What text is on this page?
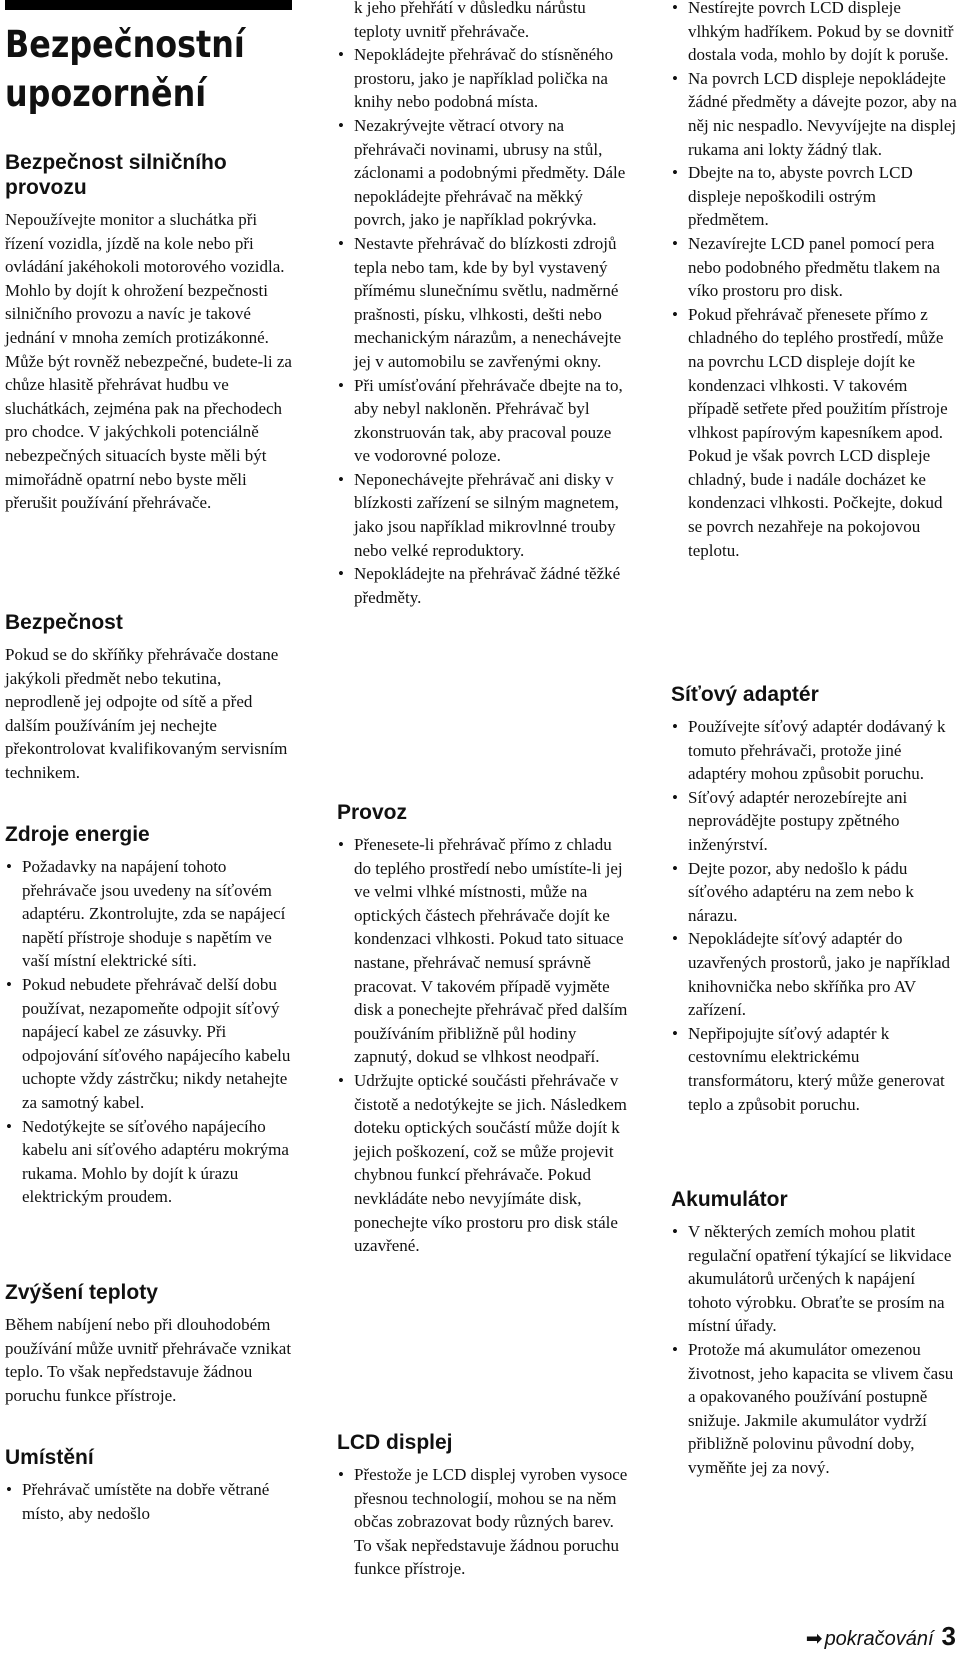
Bezpečnostní
upozornění
Bezpečnost silničního provozu

Nepoužívejte monitor a sluchátka při řízení vozidla, jízdě na kole nebo při ovládání jakéhokoli motorového vozidla. Mohlo by dojít k ohrožení bezpečnosti silničního provozu a navíc je takové jednání v mnoha zemích protizákonné. Může být rovněž nebezpečné, budete-li za chůze hlasitě přehrávat hudbu ve sluchátkách, zejména pak na přechodech pro chodce. V jakýchkoli potenciálně nebezpečných situacích byste měli být mimořádně opatrní nebo byste měli přerušit používání přehrávače.

Bezpečnost

Pokud se do skříňky přehrávače dostane jakýkoli předmět nebo tekutina, neprodleně jej odpojte od sítě a před dalším používáním jej nechejte překontrolovat kvalifikovaným servisním technikem.

Zdroje energie
• Požadavky na napájení tohoto přehrávače jsou uvedeny na síťovém adaptéru. Zkontrolujte, zda se napájecí napětí přístroje shoduje s napětím ve vaší místní elektrické síti.
• Pokud nebudete přehrávač delší dobu používat, nezapomeňte odpojit síťový napájecí kabel ze zásuvky. Při odpojování síťového napájecího kabelu uchopte vždy zástrčku; nikdy netahejte za samotný kabel.
• Nedotýkejte se síťového napájecího kabelu ani síťového adaptéru mokrýma rukama. Mohlo by dojít k úrazu elektrickým proudem.
Zvýšení teploty

Během nabíjení nebo při dlouhodobém používání může uvnitř přehrávače vznikat teplo. To však nepředstavuje žádnou poruchu funkce přístroje.

Umístění
• Přehrávač umístěte na dobře větrané místo, aby nedošlo

k jeho přehřátí v důsledku nárůstu teploty uvnitř přehrávače.

• Nepokládejte přehrávač do stísněného prostoru, jako je například polička na knihy nebo podobná místa.
• Nezakrývejte větrací otvory na přehrávači novinami, ubrusy na stůl, záclonami a podobnými předměty. Dále nepokládejte přehrávač na měkký povrch, jako je například pokrývka.
• Nestavte přehrávač do blízkosti zdrojů tepla nebo tam, kde by byl vystavený přímému slunečnímu světlu, nadměrné prašnosti, písku, vlhkosti, dešti nebo mechanickým nárazům, a nenechávejte jej v automobilu se zavřenými okny.
• Při umísťování přehrávače dbejte na to, aby nebyl nakloněn. Přehrávač byl zkonstruován tak, aby pracoval pouze ve vodorovné poloze.
• Neponechávejte přehrávač ani disky v blízkosti zařízení se silným magnetem, jako jsou například mikrovlnné trouby nebo velké reproduktory.
• Nepokládejte na přehrávač žádné těžké předměty.
Provoz
• Přenesete-li přehrávač přímo z chladu do teplého prostředí nebo umístíte-li jej ve velmi vlhké místnosti, může na optických částech přehrávače dojít ke kondenzaci vlhkosti. Pokud tato situace nastane, přehrávač nemusí správně pracovat. V takovém případě vyjměte disk a ponechejte přehrávač před dalším používáním přibližně půl hodiny zapnutý, dokud se vlhkost neodpaří.
• Udržujte optické součásti přehrávače v čistotě a nedotýkejte se jich. Následkem doteku optických součástí může dojít k jejich poškození, což se může projevit chybnou funkcí přehrávače. Pokud nevkládáte nebo nevyjímáte disk, ponechejte víko prostoru pro disk stále uzavřené.
LCD displej
• Přestože je LCD displej vyroben vysoce přesnou technologií, mohou se na něm občas zobrazovat body různých barev. To však nepředstavuje žádnou poruchu funkce přístroje.
• Nestírejte povrch LCD displeje vlhkým hadříkem. Pokud by se dovnitř dostala voda, mohlo by dojít k poruše.
• Na povrch LCD displeje nepokládejte žádné předměty a dávejte pozor, aby na něj nic nespadlo. Nevyvíjejte na displej rukama ani lokty žádný tlak.
• Dbejte na to, abyste povrch LCD displeje nepoškodili ostrým předmětem.
• Nezavírejte LCD panel pomocí pera nebo podobného předmětu tlakem na víko prostoru pro disk.
• Pokud přehrávač přenesete přímo z chladného do teplého prostředí, může na povrchu LCD displeje dojít ke kondenzaci vlhkosti. V takovém případě setřete před použitím přístroje vlhkost papírovým kapesníkem apod. Pokud je však povrch LCD displeje chladný, bude i nadále docházet ke kondenzaci vlhkosti. Počkejte, dokud se povrch nezahřeje na pokojovou teplotu.
Síťový adaptér
• Používejte síťový adaptér dodávaný k tomuto přehrávači, protože jiné adaptéry mohou způsobit poruchu.
• Síťový adaptér nerozebírejte ani neprovádějte postupy zpětného inženýrství.
• Dejte pozor, aby nedošlo k pádu síťového adaptéru na zem nebo k nárazu.
• Nepokládejte síťový adaptér do uzavřených prostorů, jako je například knihovnička nebo skříňka pro AV zařízení.
• Nepřipojujte síťový adaptér k cestovnímu elektrickému transformátoru, který může generovat teplo a způsobit poruchu.
Akumulátor
• V některých zemích mohou platit regulační opatření týkající se likvidace akumulátorů určených k napájení tohoto výrobku. Obraťte se prosím na místní úřady.
• Protože má akumulátor omezenou životnost, jeho kapacita se vlivem času a opakovaného používání postupně snižuje. Jakmile akumulátor vydrží přibližně polovinu původní doby, vyměňte jej za nový.
➡ pokračování 3
